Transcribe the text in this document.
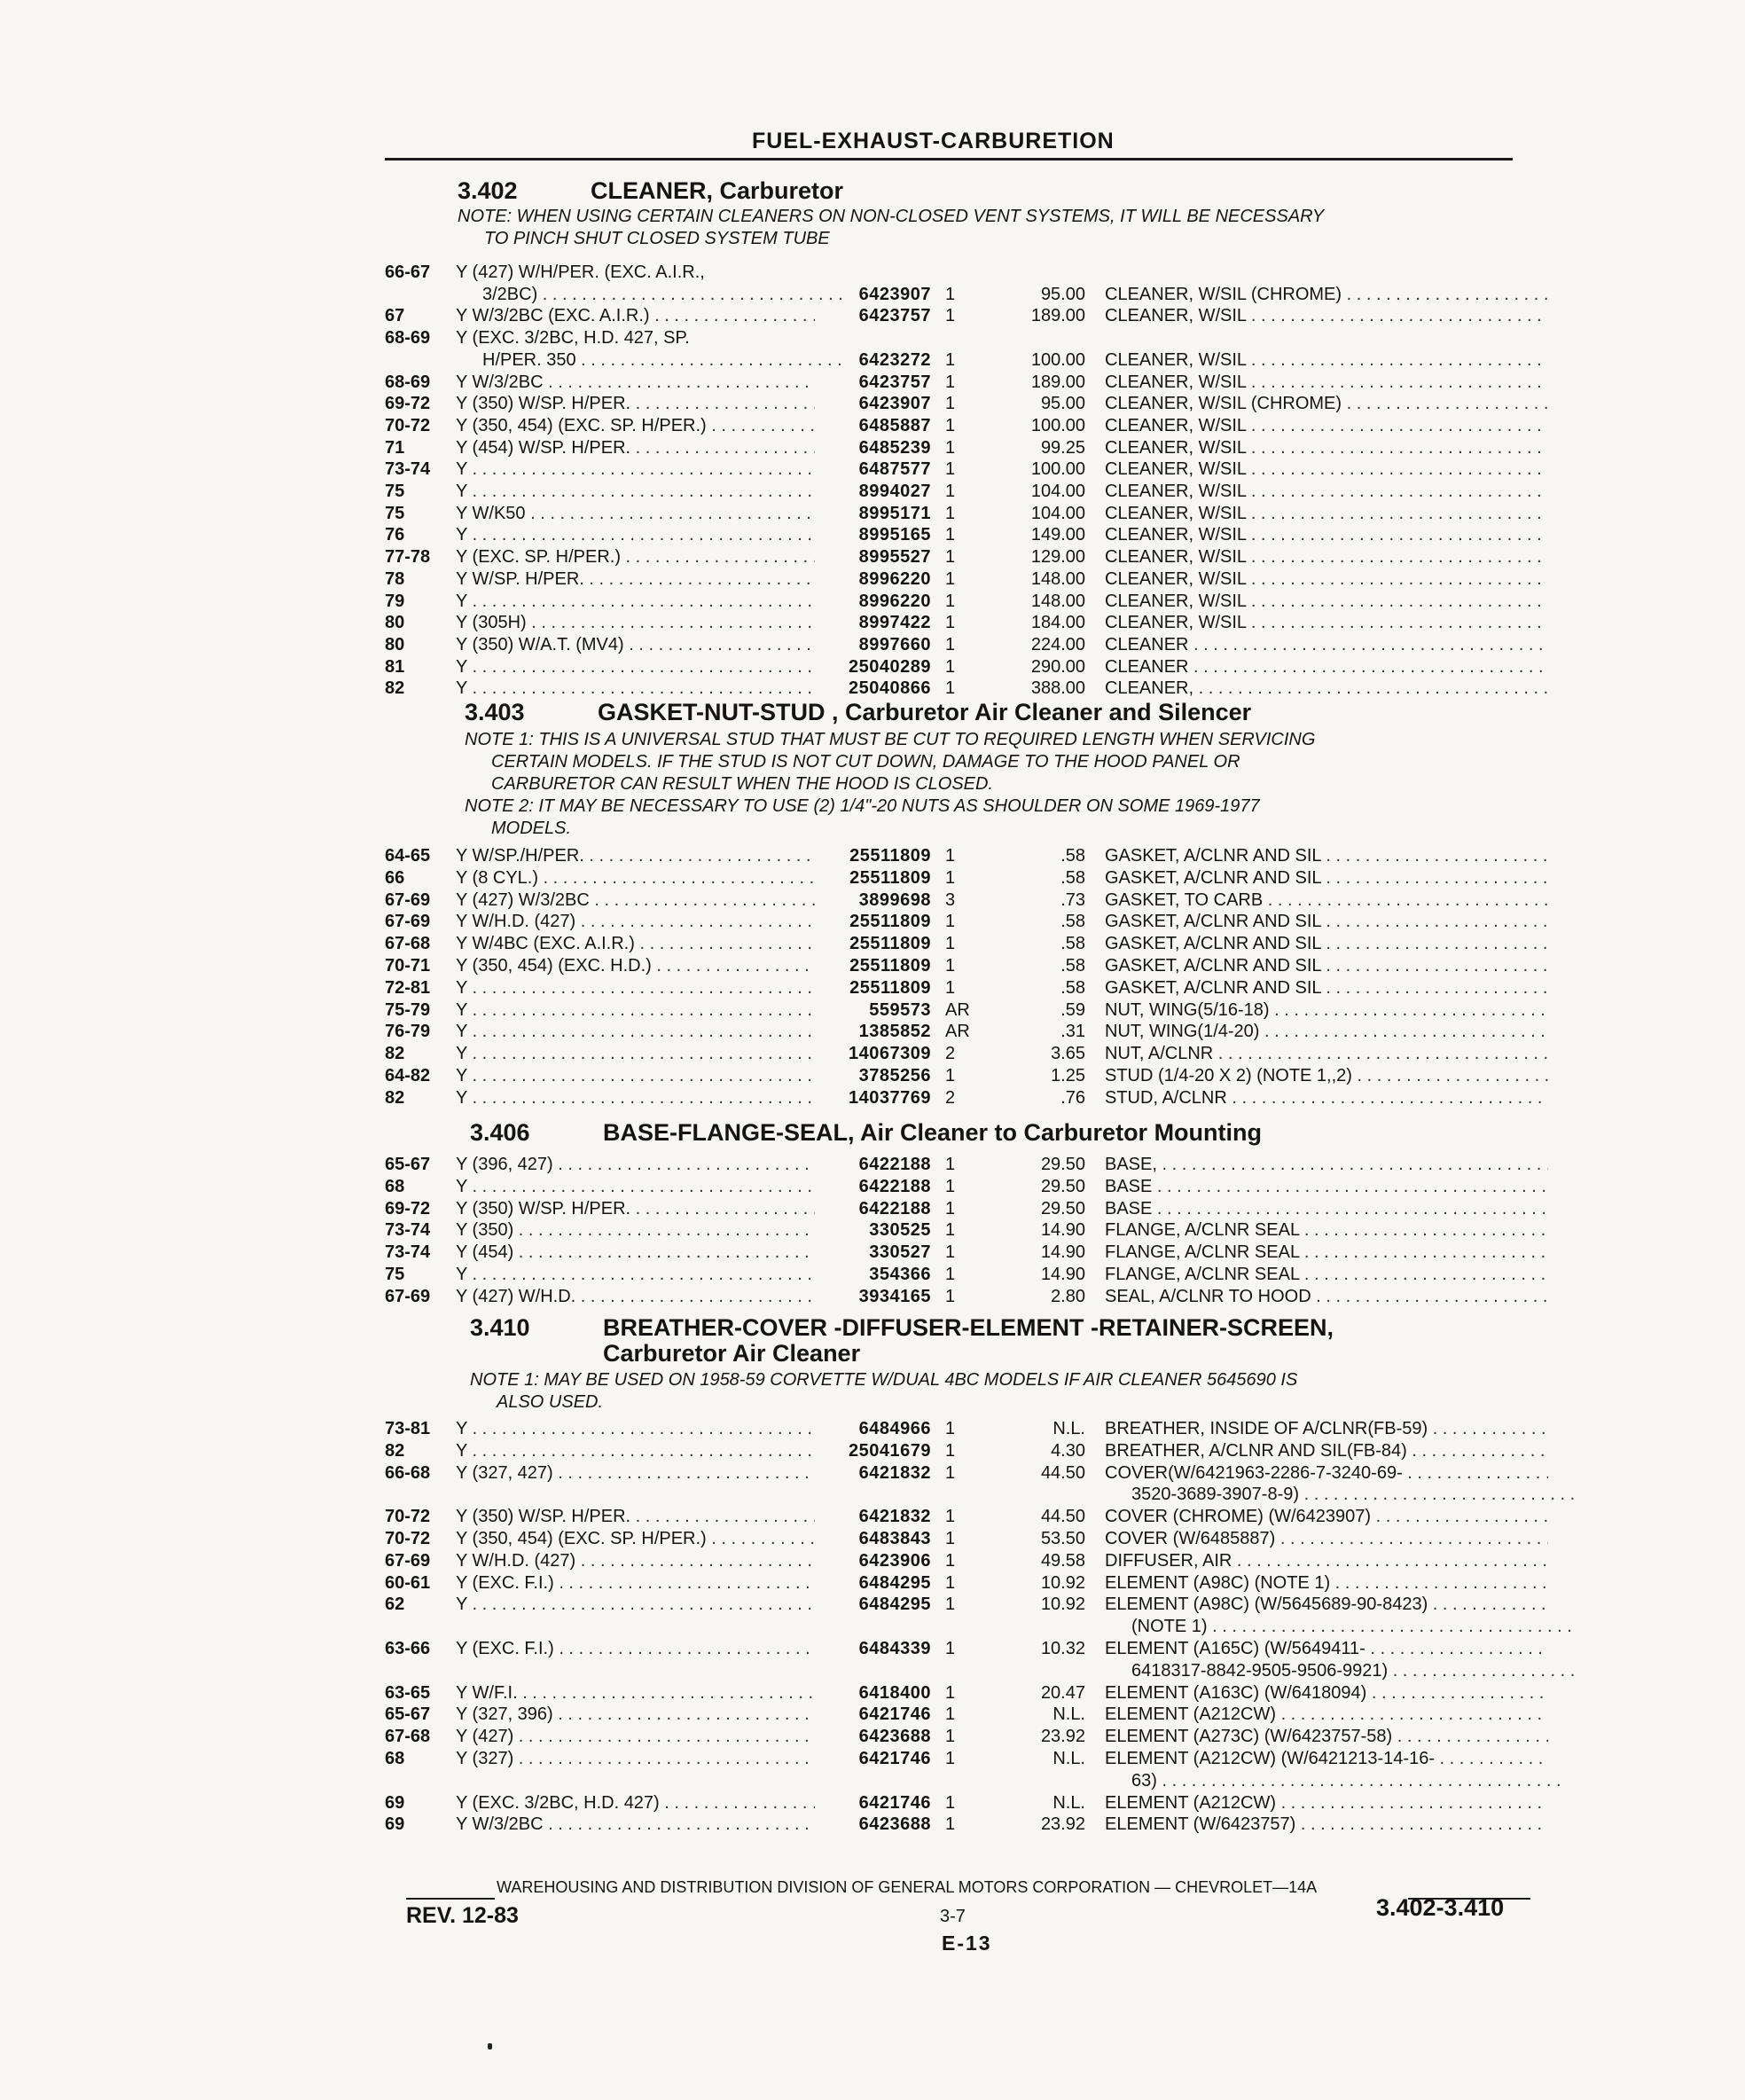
FUEL-EXHAUST-CARBURETION
3.402	CLEANER, Carburetor
NOTE: WHEN USING CERTAIN CLEANERS ON NON-CLOSED VENT SYSTEMS, IT WILL BE NECESSARY
TO PINCH SHUT CLOSED SYSTEM TUBE
66-67	Y (427) W/H/PER. (EXC. A.I.R.,
3/2BC) . . .	6423907 1	95.00 CLEANER, W/SIL (CHROME) . . .
67	Y W/3/2BC (EXC. A.I.R.) . . .	6423757 1	189.00 CLEANER, W/SIL . . .
68-69	Y (EXC. 3/2BC, H.D. 427, SP.
H/PER. 350 . . .	6423272 1	100.00 CLEANER, W/SIL . . .
68-69	Y W/3/2BC . . .	6423757 1	189.00 CLEANER, W/SIL . . .
69-72	Y (350) W/SP. H/PER. . . .	6423907 1	95.00 CLEANER, W/SIL (CHROME) . . .
70-72	Y (350, 454) (EXC. SP. H/PER.) . . .	6485887 1	100.00 CLEANER, W/SIL . . .
71	Y (454) W/SP. H/PER. . . .	6485239 1	99.25 CLEANER, W/SIL . . .
73-74	Y . . .	6487577 1	100.00 CLEANER, W/SIL . . .
75	Y . . .	8994027 1	104.00 CLEANER, W/SIL . . .
75	Y W/K50 . . .	8995171 1	104.00 CLEANER, W/SIL . . .
76	Y . . .	8995165 1	149.00 CLEANER, W/SIL . . .
77-78	Y (EXC. SP. H/PER.) . . .	8995527 1	129.00 CLEANER, W/SIL . . .
78	Y W/SP. H/PER. . . .	8996220 1	148.00 CLEANER, W/SIL . . .
79	Y . . .	8996220 1	148.00 CLEANER, W/SIL . . .
80	Y (305H) . . .	8997422 1	184.00 CLEANER, W/SIL . . .
80	Y (350) W/A.T. (MV4) . . .	8997660 1	224.00 CLEANER . . .
81	Y . . .	25040289 1	290.00 CLEANER . . .
82	Y . . .	25040866 1	388.00 CLEANER, . . .
3.403	GASKET-NUT-STUD , Carburetor Air Cleaner and Silencer
NOTE 1: THIS IS A UNIVERSAL STUD THAT MUST BE CUT TO REQUIRED LENGTH WHEN SERVICING
CERTAIN MODELS. IF THE STUD IS NOT CUT DOWN, DAMAGE TO THE HOOD PANEL OR
CARBURETOR CAN RESULT WHEN THE HOOD IS CLOSED.
NOTE 2: IT MAY BE NECESSARY TO USE (2) 1/4"-20 NUTS AS SHOULDER ON SOME 1969-1977
MODELS.
64-65	Y W/SP./H/PER. . . .	25511809 1	.58 GASKET, A/CLNR AND SIL . . .
66	Y (8 CYL.) . . .	25511809 1	.58 GASKET, A/CLNR AND SIL . . .
67-69	Y (427) W/3/2BC . . .	3899698 3	.73 GASKET, TO CARB . . .
67-69	Y W/H.D. (427) . . .	25511809 1	.58 GASKET, A/CLNR AND SIL . . .
67-68	Y W/4BC (EXC. A.I.R.) . . .	25511809 1	.58 GASKET, A/CLNR AND SIL . . .
70-71	Y (350, 454) (EXC. H.D.) . . .	25511809 1	.58 GASKET, A/CLNR AND SIL . . .
72-81	Y . . .	25511809 1	.58 GASKET, A/CLNR AND SIL . . .
75-79	Y . . .	559573 AR	.59 NUT, WING(5/16-18) . . .
76-79	Y . . .	1385852 AR	.31 NUT, WING(1/4-20) . . .
82	Y . . .	14067309 2	3.65 NUT, A/CLNR . . .
64-82	Y . . .	3785256 1	1.25 STUD (1/4-20 X 2) (NOTE 1,,2) . . .
82	Y . . .	14037769 2	.76 STUD, A/CLNR . . .
3.406	BASE-FLANGE-SEAL, Air Cleaner to Carburetor Mounting
65-67	Y (396, 427) . . .	6422188 1	29.50 BASE, . . .
68	Y . . .	6422188 1	29.50 BASE . . .
69-72	Y (350) W/SP. H/PER. . . .	6422188 1	29.50 BASE . . .
73-74	Y (350) . . .	330525 1	14.90 FLANGE, A/CLNR SEAL . . .
73-74	Y (454) . . .	330527 1	14.90 FLANGE, A/CLNR SEAL . . .
75	Y . . .	354366 1	14.90 FLANGE, A/CLNR SEAL . . .
67-69	Y (427) W/H.D. . . .	3934165 1	2.80 SEAL, A/CLNR TO HOOD . . .
3.410	BREATHER-COVER -DIFFUSER-ELEMENT -RETAINER-SCREEN,
Carburetor Air Cleaner
NOTE 1: MAY BE USED ON 1958-59 CORVETTE W/DUAL 4BC MODELS IF AIR CLEANER 5645690 IS
ALSO USED.
73-81	Y . . .	6484966 1	N.L. BREATHER, INSIDE OF A/CLNR(FB-59) . . .
82	Y . . .	25041679 1	4.30 BREATHER, A/CLNR AND SIL(FB-84) . . .
66-68	Y (327, 427) . . .	6421832 1	44.50 COVER(W/6421963-2286-7-3240-69- . . .
3520-3689-3907-8-9) . . .
70-72	Y (350) W/SP. H/PER. . . .	6421832 1	44.50 COVER (CHROME) (W/6423907) . . .
70-72	Y (350, 454) (EXC. SP. H/PER.) . . .	6483843 1	53.50 COVER (W/6485887) . . .
67-69	Y W/H.D. (427) . . .	6423906 1	49.58 DIFFUSER, AIR . . .
60-61	Y (EXC. F.I.) . . .	6484295 1	10.92 ELEMENT (A98C) (NOTE 1) . . .
62	Y . . .	6484295 1	10.92 ELEMENT (A98C) (W/5645689-90-8423) . . .
(NOTE 1) . . .
63-66	Y (EXC. F.I.) . . .	6484339 1	10.32 ELEMENT (A165C) (W/5649411- . . .
6418317-8842-9505-9506-9921) . . .
63-65	Y W/F.I. . . .	6418400 1	20.47 ELEMENT (A163C) (W/6418094) . . .
65-67	Y (327, 396) . . .	6421746 1	N.L. ELEMENT (A212CW) . . .
67-68	Y (427) . . .	6423688 1	23.92 ELEMENT (A273C) (W/6423757-58) . . .
68	Y (327) . . .	6421746 1	N.L. ELEMENT (A212CW) (W/6421213-14-16- . . .
63) . . .
69	Y (EXC. 3/2BC, H.D. 427) . . .	6421746 1	N.L. ELEMENT (A212CW) . . .
69	Y W/3/2BC . . .	6423688 1	23.92 ELEMENT (W/6423757) . . .
WAREHOUSING AND DISTRIBUTION DIVISION OF GENERAL MOTORS CORPORATION — CHEVROLET—14A
REV. 12-83	3-7	3.402-3.410
E-13
